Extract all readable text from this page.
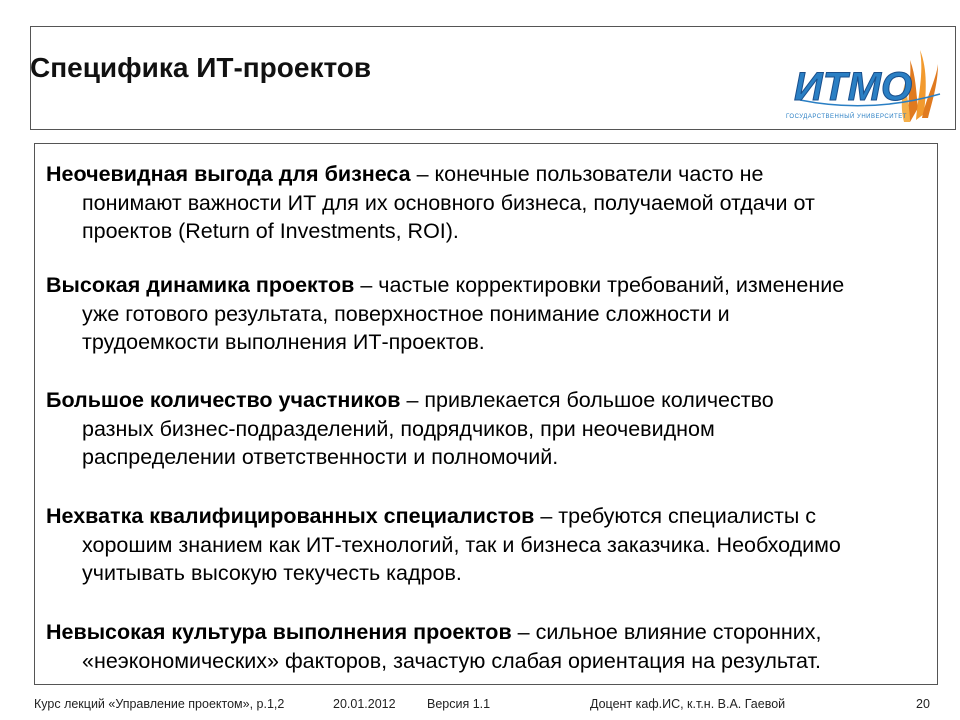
Специфика ИТ-проектов	ИТМО
ГОСУДАРСТВЕННЫЙ УНИВЕРСИТЕТ
Неочевидная выгода для бизнеса – конечные пользователи часто не
понимают важности ИТ для их основного бизнеса, получаемой отдачи от
проектов (Return of Investments, ROI).
Высокая динамика проектов – частые корректировки требований, изменение
уже готового результата, поверхностное понимание сложности и
трудоемкости выполнения ИТ-проектов.
Большое количество участников – привлекается большое количество
разных бизнес-подразделений, подрядчиков, при неочевидном
распределении ответственности и полномочий.
Нехватка квалифицированных специалистов – требуются специалисты с
хорошим знанием как ИТ-технологий, так и бизнеса заказчика. Необходимо
учитывать высокую текучесть кадров.
Невысокая культура выполнения проектов – сильное влияние сторонних,
«неэкономических» факторов, зачастую слабая ориентация на результат.
Курс лекций «Управление проектом», р.1,2	20.01.2012	Версия 1.1	Доцент каф.ИС, к.т.н. В.А. Гаевой	20
